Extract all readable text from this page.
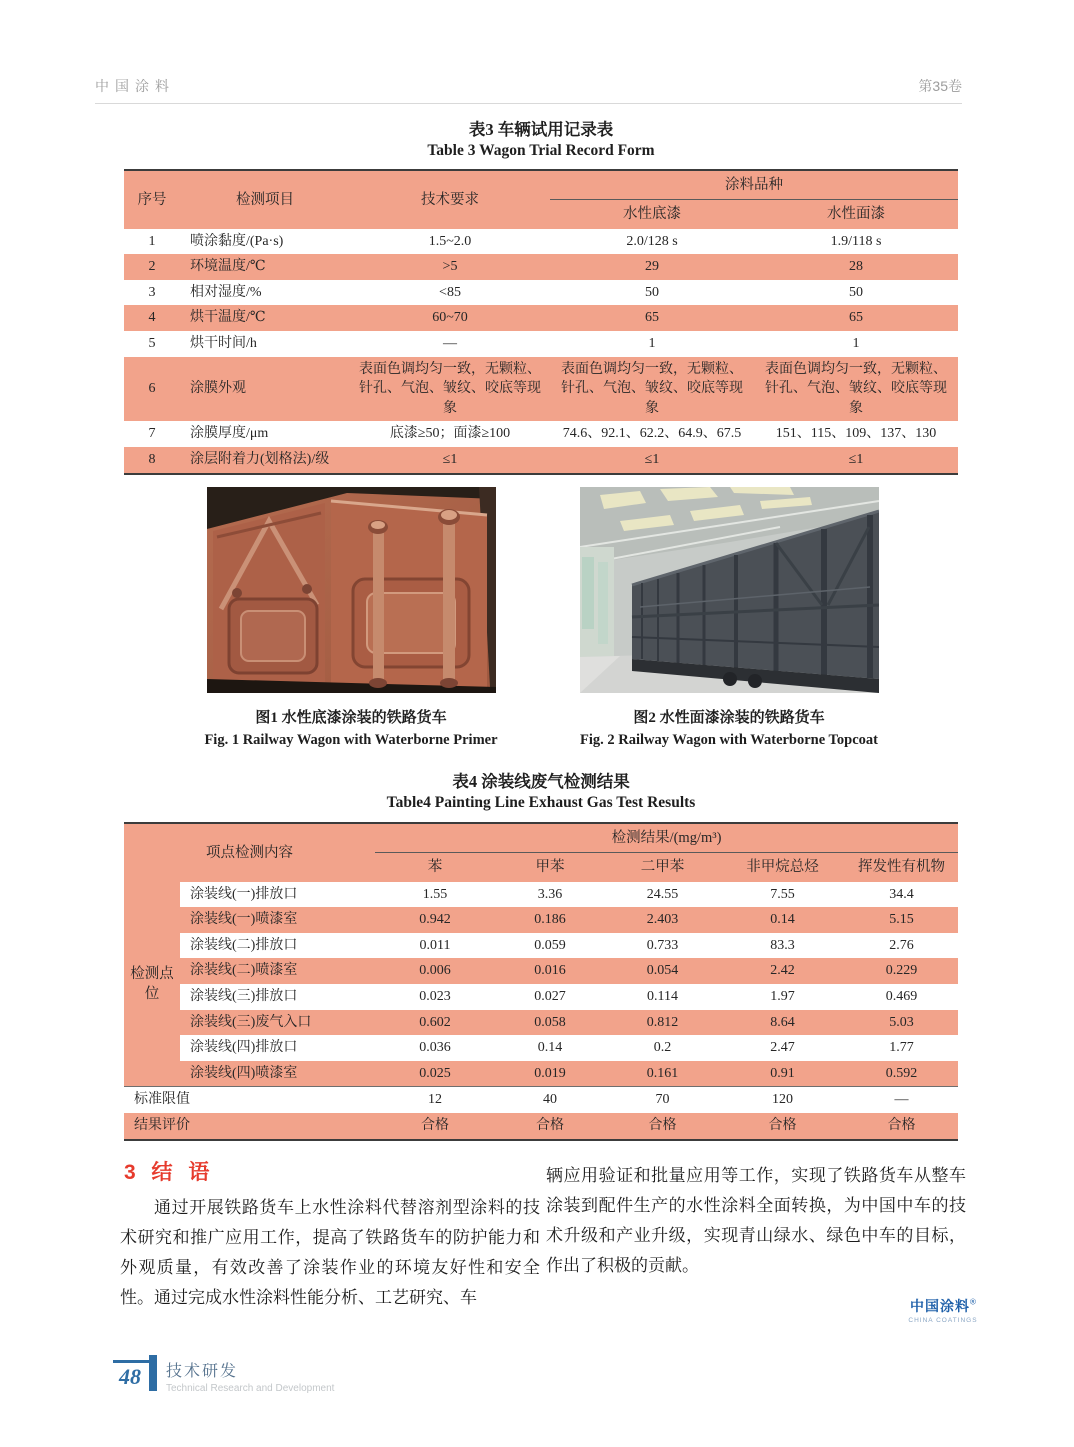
中国涂料	第35卷
表3 车辆试用记录表
Table 3 Wagon Trial Record Form
序号	检测项目	技术要求	涂料品种	
			水性底漆	水性面漆
1	喷涂黏度/(Pa·s)	1.5~2.0	2.0/128 s	1.9/118 s
2	环境温度/℃	>5	29	28
3	相对湿度/%	<85	50	50
4	烘干温度/℃	60~70	65	65
5	烘干时间/h	—	1	1
6	涂膜外观	表面色调均匀一致，无颗粒、针孔、气泡、皱纹、咬底等现象	表面色调均匀一致，无颗粒、针孔、气泡、皱纹、咬底等现象	表面色调均匀一致，无颗粒、针孔、气泡、皱纹、咬底等现象
7	涂膜厚度/μm	底漆≥50；面漆≥100	74.6、92.1、62.2、64.9、67.5	151、115、109、137、130
8	涂层附着力(划格法)/级	≤1	≤1	≤1
图1 水性底漆涂装的铁路货车
Fig. 1 Railway Wagon with Waterborne Primer
图2 水性面漆涂装的铁路货车
Fig. 2 Railway Wagon with Waterborne Topcoat
表4 涂装线废气检测结果
Table4 Painting Line Exhaust Gas Test Results
项点检测内容		检测结果/(mg/m³)				
		苯	甲苯	二甲苯	非甲烷总烃	挥发性有机物
检测点位	涂装线(一)排放口	1.55	3.36	24.55	7.55	34.4
	涂装线(一)喷漆室	0.942	0.186	2.403	0.14	5.15
	涂装线(二)排放口	0.011	0.059	0.733	83.3	2.76
	涂装线(二)喷漆室	0.006	0.016	0.054	2.42	0.229
	涂装线(三)排放口	0.023	0.027	0.114	1.97	0.469
	涂装线(三)废气入口	0.602	0.058	0.812	8.64	5.03
	涂装线(四)排放口	0.036	0.14	0.2	2.47	1.77
	涂装线(四)喷漆室	0.025	0.019	0.161	0.91	0.592
标准限值		12	40	70	120	—
结果评价		合格	合格	合格	合格	合格
3 结 语
通过开展铁路货车上水性涂料代替溶剂型涂料的技术研究和推广应用工作，提高了铁路货车的防护能力和外观质量，有效改善了涂装作业的环境友好性和安全性。通过完成水性涂料性能分析、工艺研究、车
辆应用验证和批量应用等工作，实现了铁路货车从整车涂装到配件生产的水性涂料全面转换，为中国中车的技术升级和产业升级，实现青山绿水、绿色中车的目标，作出了积极的贡献。
中国涂料®
CHINA COATINGS
48	技术研发
Technical Research and Development
